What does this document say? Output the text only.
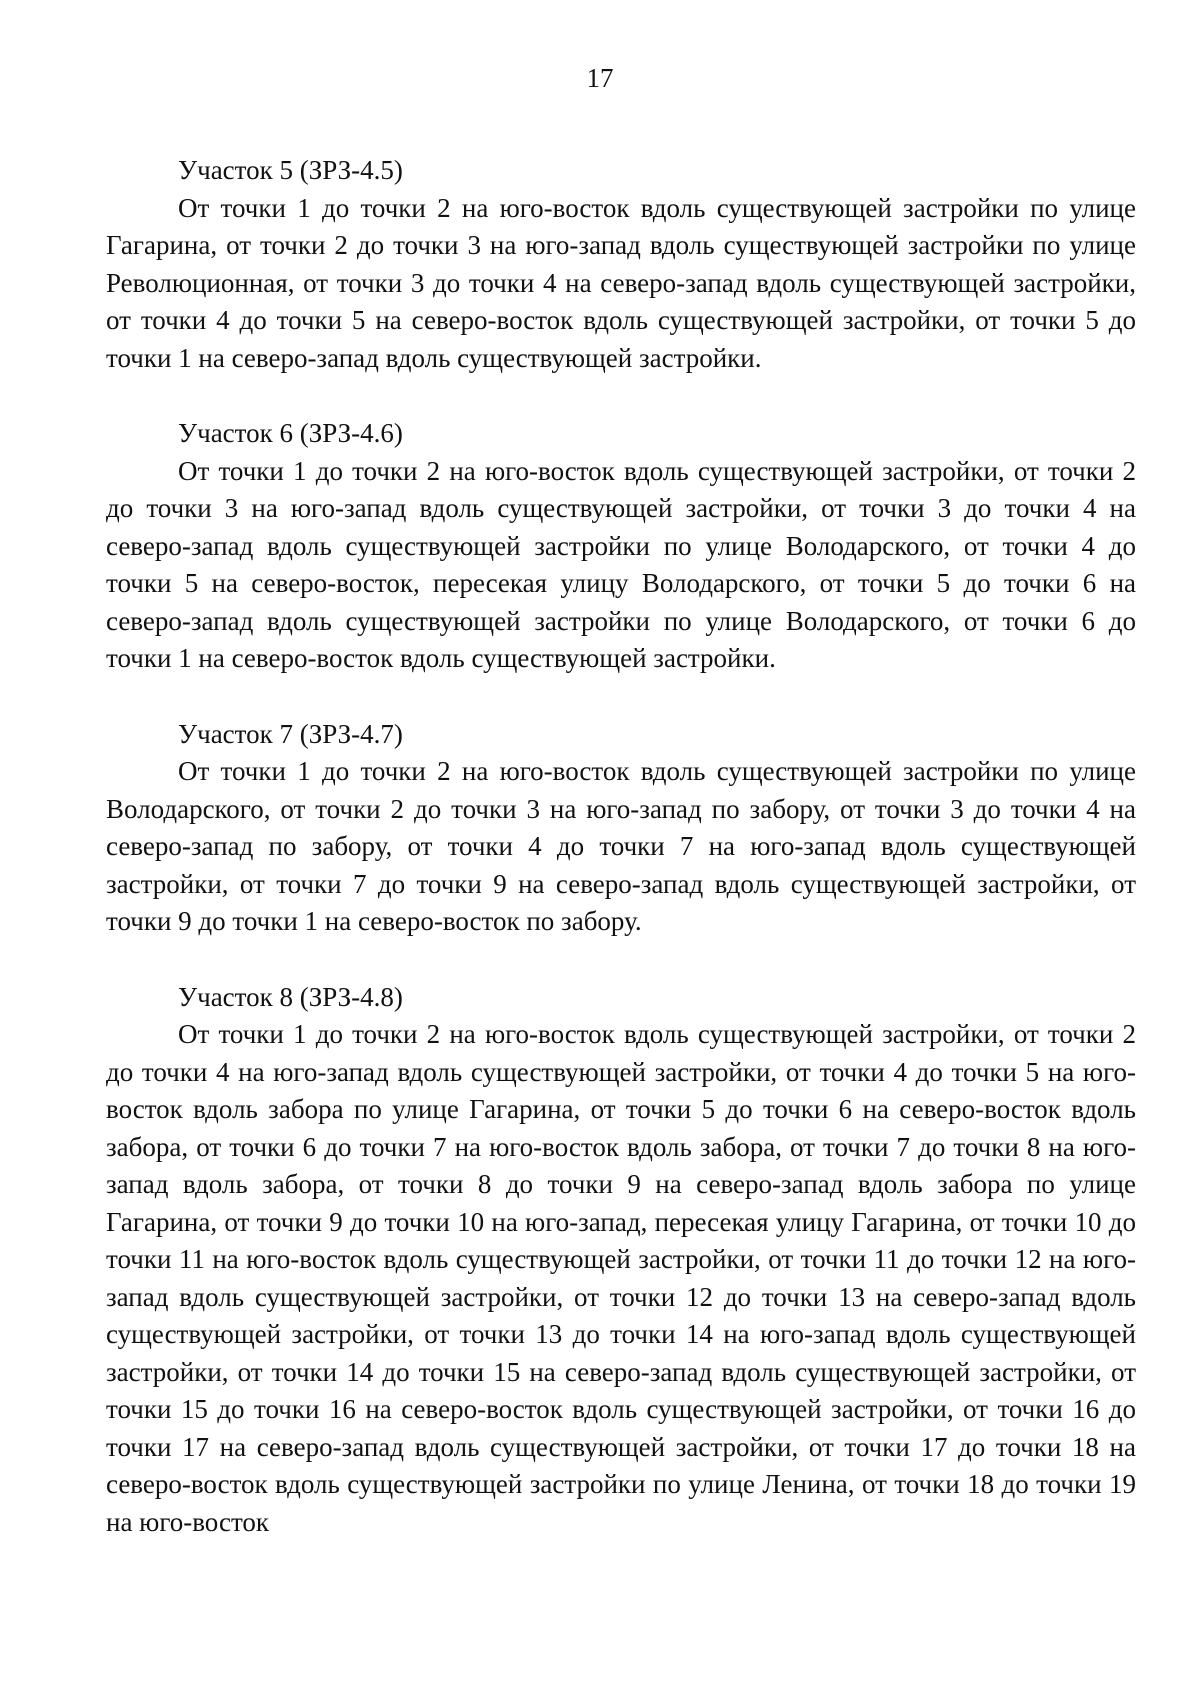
17

Участок 5 (ЗРЗ-4.5)

От точки 1 до точки 2 на юго-восток вдоль существующей застройки по улице Гагарина, от точки 2 до точки 3 на юго-запад вдоль существующей застройки по улице Революционная, от точки 3 до точки 4 на северо-запад вдоль существующей застройки, от точки 4 до точки 5 на северо-восток вдоль существующей застройки, от точки 5 до точки 1 на северо-запад вдоль существующей застройки.

Участок 6 (ЗРЗ-4.6)

От точки 1 до точки 2 на юго-восток вдоль существующей застройки, от точки 2 до точки 3 на юго-запад вдоль существующей застройки, от точки 3 до точки 4 на северо-запад вдоль существующей застройки по улице Володарского, от точки 4 до точки 5 на северо-восток, пересекая улицу Володарского, от точки 5 до точки 6 на северо-запад вдоль существующей застройки по улице Володарского, от точки 6 до точки 1 на северо-восток вдоль существующей застройки.

Участок 7 (ЗРЗ-4.7)

От точки 1 до точки 2 на юго-восток вдоль существующей застройки по улице Володарского, от точки 2 до точки 3 на юго-запад по забору, от точки 3 до точки 4 на северо-запад по забору, от точки 4 до точки 7 на юго-запад вдоль существующей застройки, от точки 7 до точки 9 на северо-запад вдоль существующей застройки, от точки 9 до точки 1 на северо-восток по забору.

Участок 8 (ЗРЗ-4.8)

От точки 1 до точки 2 на юго-восток вдоль существующей застройки, от точки 2 до точки 4 на юго-запад вдоль существующей застройки, от точки 4 до точки 5 на юго-восток вдоль забора по улице Гагарина, от точки 5 до точки 6 на северо-восток вдоль забора, от точки 6 до точки 7 на юго-восток вдоль забора, от точки 7 до точки 8 на юго-запад вдоль забора, от точки 8 до точки 9 на северо-запад вдоль забора по улице Гагарина, от точки 9 до точки 10 на юго-запад, пересекая улицу Гагарина, от точки 10 до точки 11 на юго-восток вдоль существующей застройки, от точки 11 до точки 12 на юго-запад вдоль существующей застройки, от точки 12 до точки 13 на северо-запад вдоль существующей застройки, от точки 13 до точки 14 на юго-запад вдоль существующей застройки, от точки 14 до точки 15 на северо-запад вдоль существующей застройки, от точки 15 до точки 16 на северо-восток вдоль существующей застройки, от точки 16 до точки 17 на северо-запад вдоль существующей застройки, от точки 17 до точки 18 на северо-восток вдоль существующей застройки по улице Ленина, от точки 18 до точки 19 на юго-восток
